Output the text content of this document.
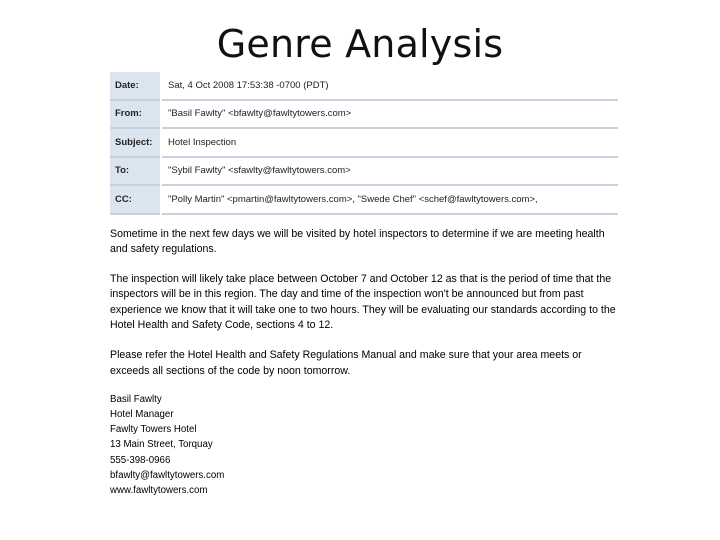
Genre Analysis
Date:	Sat, 4 Oct 2008 17:53:38 -0700 (PDT)
From:	"Basil Fawlty" <bfawlty@fawltytowers.com>
Subject:	Hotel Inspection
To:	"Sybil Fawlty" <sfawlty@fawltytowers.com>
CC:	"Polly Martin" <pmartin@fawltytowers.com>, "Swede Chef" <schef@fawltytowers.com>,

Sometime in the next few days we will be visited by hotel inspectors to determine if we are meeting health and safety regulations.

The inspection will likely take place between October 7 and October 12 as that is the period of time that the inspectors will be in this region. The day and time of the inspection won't be announced but from past experience we know that it will take one to two hours. They will be evaluating our standards according to the Hotel Health and Safety Code, sections 4 to 12.

Please refer the Hotel Health and Safety Regulations Manual and make sure that your area meets or exceeds all sections of the code by noon tomorrow.

Basil Fawlty
Hotel Manager
Fawlty Towers Hotel
13 Main Street, Torquay
555-398-0966
bfawlty@fawltytowers.com
www.fawltytowers.com
